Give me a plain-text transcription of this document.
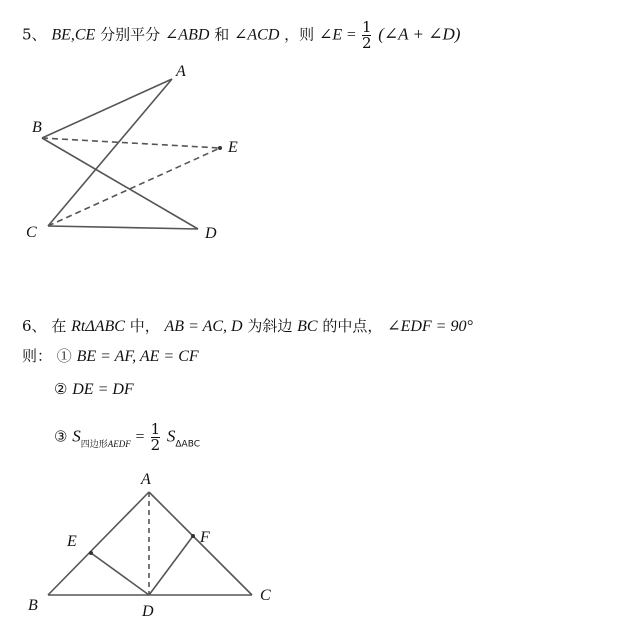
5、 BE,CE 分别平分 ∠ABD 和 ∠ACD ，则 ∠E = $\frac{1}{2}$ (∠A + ∠D)
A
B
E
C	D
A
E	F
B	D
C
6、 在 RtΔABC 中， AB = AC, D 为斜边 BC 的中点， ∠EDF = 90°
则： ① BE = AF, AE = CF
② DE = DF
③ $S_{四边形AEDF} = \frac{1}{2} S_{\Delta ABC}$
